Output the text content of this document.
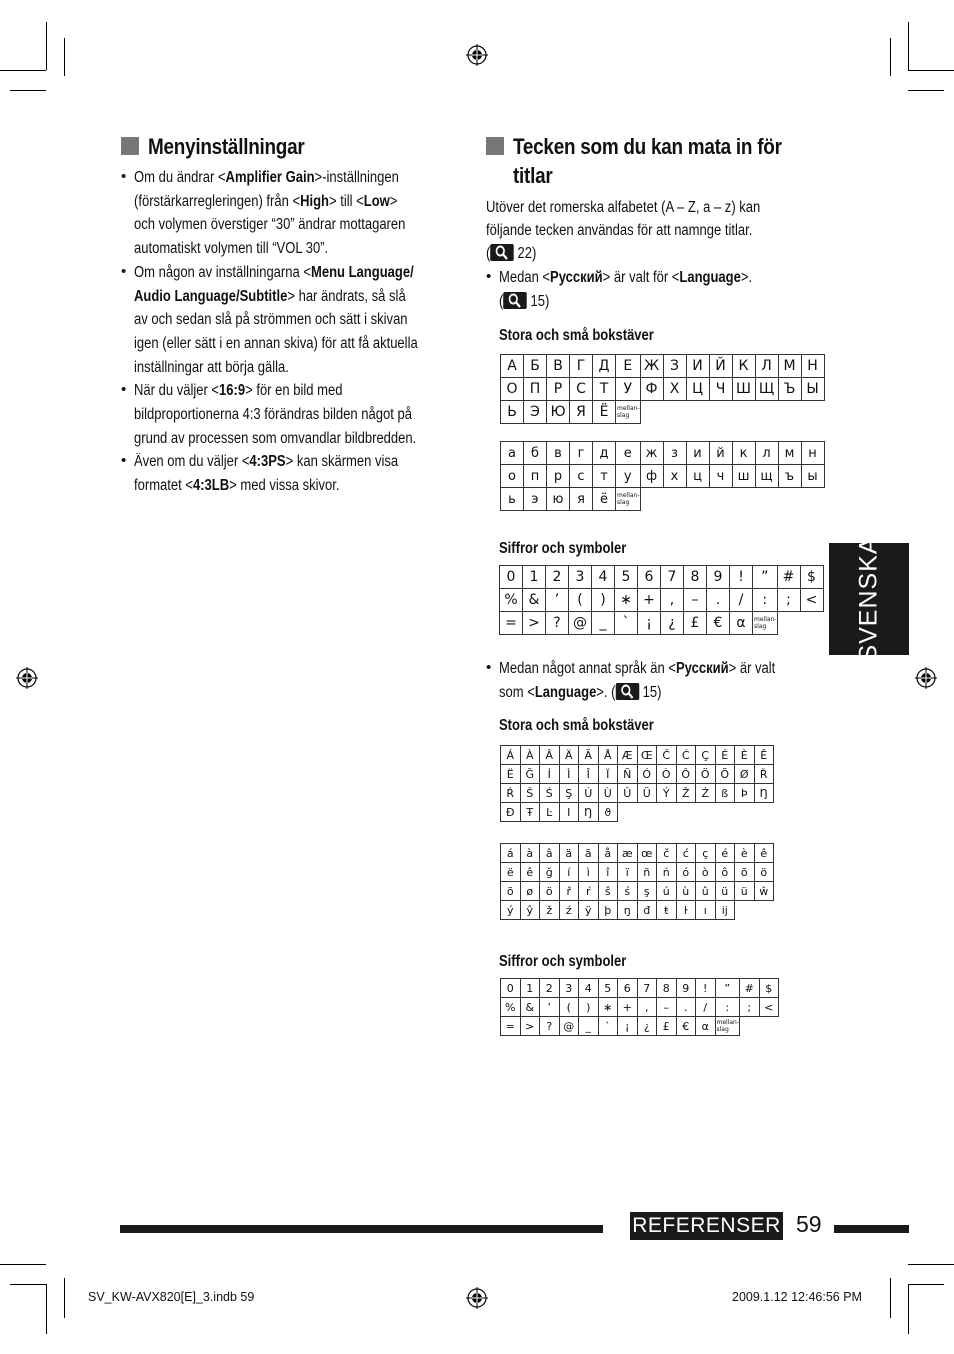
Menyinställningar
• Om du ändrar <Amplifier Gain>-inställningen
(förstärkarregleringen) från <High> till <Low>
och volymen överstiger “30” ändrar mottagaren
automatiskt volymen till “VOL 30”.
• Om någon av inställningarna <Menu Language/
Audio Language/Subtitle> har ändrats, så slå
av och sedan slå på strömmen och sätt i skivan
igen (eller sätt i en annan skiva) för att få aktuella
inställningar att börja gälla.
• När du väljer <16:9> för en bild med
bildproportionerna 4:3 förändras bilden något på
grund av processen som omvandlar bildbredden.
• Även om du väljer <4:3PS> kan skärmen visa
formatet <4:3LB> med vissa skivor.
Tecken som du kan mata in för
titlar
Utöver det romerska alfabetet (A – Z, a – z) kan
följande tecken användas för att namnge titlar.
( 22)
• Medan <Русский> är valt för <Language>.
( 15)
Stora och små bokstäver
А	Б	В	Г	Д	Е	Ж	З	И	Й	К	Л	М	Н
О	П	Р	С	Т	У	Ф	Х	Ц	Ч	Ш	Щ	Ъ	Ы
Ь	Э	Ю	Я	Ё	mellan-
slag								
а	б	в	г	д	е	ж	з	и	й	к	л	м	н
о	п	р	с	т	у	ф	х	ц	ч	ш	щ	ъ	ы
ь	э	ю	я	ё	mellan-
slag								
Siffror och symboler
0	1	2	3	4	5	6	7	8	9	!	”	#	$
%	&	’	(	)	∗	+	,	–	.	/	:	;	<
=	>	?	@	_	`	¡	¿	£	€	α	mellan-
slag		
• Medan något annat språk än <Русский> är valt
som <Language>. ( 15)
Stora och små bokstäver
Á	À	Â	Ä	Ã	Å	Æ	Œ	Č	Ć	Ç	É	È	Ê
Ë	Ğ	Í	Ì	Î	Ï	Ñ	Ó	Ò	Ô	Ö	Õ	Ø	Ř
Ŕ	Š	Ś	Ş	Ú	Ù	Û	Ü	Ý	Ž	Ź	ß	Þ	Ŋ
Đ	Ŧ	Ŀ	Ι	Ŋ	ϑ								
á	à	â	ä	ã	å	æ	œ	č	ć	ç	é	è	ê
ë	ê	ğ	í	ì	î	ï	ñ	ń	ó	ò	ô	õ	ö
õ	ø	ö	ř	ŕ	š	ś	ş	ú	ù	û	ü	ü	ŵ
ý	ŷ	ž	ź	ÿ	þ	ŋ	đ	ŧ	ŀ	ı	ij		
Siffror och symboler
0	1	2	3	4	5	6	7	8	9	!	”	#	$
%	&	’	(	)	∗	+	,	–	.	/	:	;	<
=	>	?	@	_	`	¡	¿	£	€	α	mellan-
slag		
SVENSKA
REFERENSER 59
SV_KW-AVX820[E]_3.indb 59	2009.1.12 12:46:56 PM
